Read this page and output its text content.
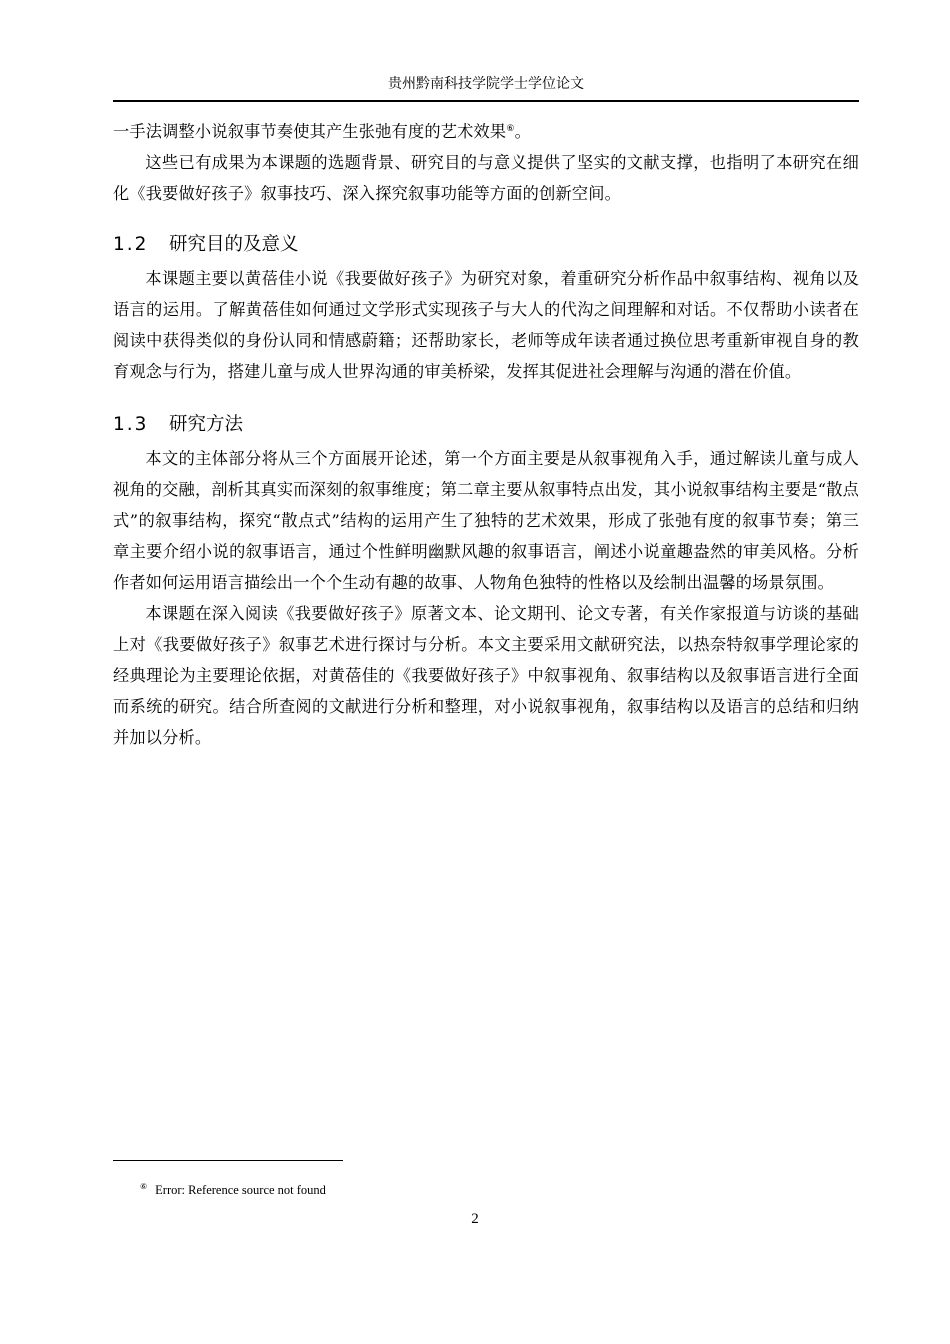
贵州黔南科技学院学士学位论文

一手法调整小说叙事节奏使其产生张弛有度的艺术效果⑥。

这些已有成果为本课题的选题背景、研究目的与意义提供了坚实的文献支撑，也指明了本研究在细化《我要做好孩子》叙事技巧、深入探究叙事功能等方面的创新空间。

1.2 研究目的及意义

本课题主要以黄蓓佳小说《我要做好孩子》为研究对象，着重研究分析作品中叙事结构、视角以及语言的运用。了解黄蓓佳如何通过文学形式实现孩子与大人的代沟之间理解和对话。不仅帮助小读者在阅读中获得类似的身份认同和情感蔚籍；还帮助家长，老师等成年读者通过换位思考重新审视自身的教育观念与行为，搭建儿童与成人世界沟通的审美桥梁，发挥其促进社会理解与沟通的潜在价值。

1.3 研究方法

本文的主体部分将从三个方面展开论述，第一个方面主要是从叙事视角入手，通过解读儿童与成人视角的交融，剖析其真实而深刻的叙事维度；第二章主要从叙事特点出发，其小说叙事结构主要是“散点式”的叙事结构，探究“散点式”结构的运用产生了独特的艺术效果，形成了张弛有度的叙事节奏；第三章主要介绍小说的叙事语言，通过个性鲜明幽默风趣的叙事语言，阐述小说童趣盎然的审美风格。分析作者如何运用语言描绘出一个个生动有趣的故事、人物角色独特的性格以及绘制出温馨的场景氛围。

本课题在深入阅读《我要做好孩子》原著文本、论文期刊、论文专著，有关作家报道与访谈的基础上对《我要做好孩子》叙事艺术进行探讨与分析。本文主要采用文献研究法，以热奈特叙事学理论家的经典理论为主要理论依据，对黄蓓佳的《我要做好孩子》中叙事视角、叙事结构以及叙事语言进行全面而系统的研究。结合所查阅的文献进行分析和整理，对小说叙事视角，叙事结构以及语言的总结和归纳并加以分析。

⑥ Error: Reference source not found
2
